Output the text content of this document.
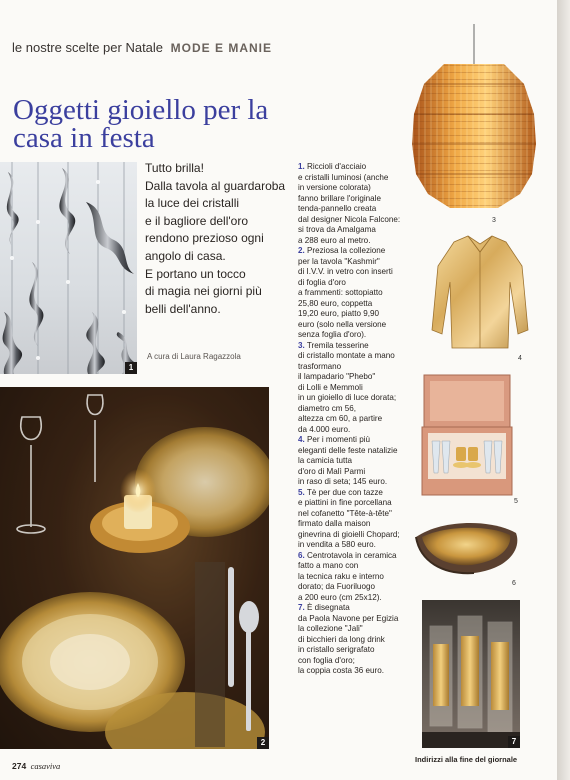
le nostre scelte per Natale MODE E MANIE
Oggetti gioiello per la casa in festa
1

Tutto brilla!

Dalla tavola al guardaroba

la luce dei cristalli

e il bagliore dell'oro

rendono prezioso ogni

angolo di casa.

E portano un tocco

di magia nei giorni più

belli dell'anno.

A cura di Laura Ragazzola
2

1. Riccioli d'acciaio

e cristalli luminosi (anche

in versione colorata)

fanno brillare l'originale

tenda-pannello creata

dal designer Nicola Falcone:

si trova da Amalgama

a 288 euro al metro.

2. Preziosa la collezione

per la tavola "Kashmir"

di I.V.V. in vetro con inserti

di foglia d'oro

a frammenti: sottopiatto

25,80 euro, coppetta

19,20 euro, piatto 9,90

euro (solo nella versione

senza foglia d'oro).

3. Tremila tesserine

di cristallo montate a mano

trasformano

il lampadario "Phebo"

di Lolli e Memmoli

in un gioiello di luce dorata;

diametro cm 56,

altezza cm 60, a partire

da 4.000 euro.

4. Per i momenti più

eleganti delle feste natalizie

la camicia tutta

d'oro di Malì Parmi

in raso di seta; 145 euro.

5. Tè per due con tazze

e piattini in fine porcellana

nel cofanetto "Tête-à-tête"

firmato dalla maison

ginevrina di gioielli Chopard;

in vendita a 580 euro.

6. Centrotavola in ceramica

fatto a mano con

la tecnica raku e interno

dorato; da Fuoriluogo

a 200 euro (cm 25x12).

7. È disegnata

da Paola Navone per Egizia

la collezione "Jali"

di bicchieri da long drink

in cristallo serigrafato

con foglia d'oro;

la coppia costa 36 euro.

3
4
5
6
7
Indirizzi alla fine del giornale
274 casaviva
